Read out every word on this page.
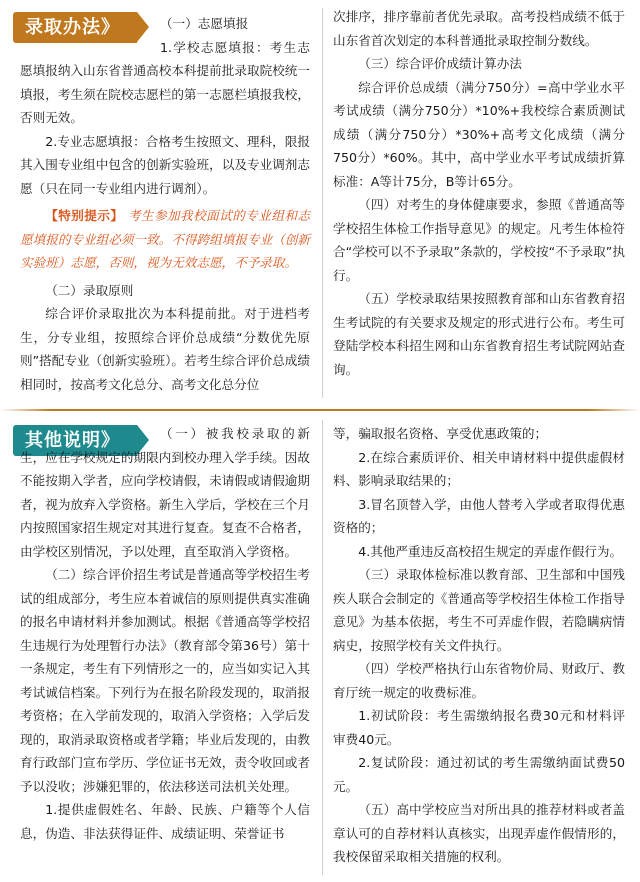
录取办法》	（一）志愿填报

1.学校志愿填报：考生志愿填报纳入山东省普通高校本科提前批录取院校统一填报，考生须在院校志愿栏的第一志愿栏填报我校，否则无效。

2.专业志愿填报：合格考生按照文、理科，限报其入围专业组中包含的创新实验班，以及专业调剂志愿（只在同一专业组内进行调剂）。

【特别提示】 考生参加我校面试的专业组和志愿填报的专业组必须一致。不得跨组填报专业（创新实验班）志愿，否则，视为无效志愿，不予录取。

（二）录取原则

综合评价录取批次为本科提前批。对于进档考生，分专业组，按照综合评价总成绩“分数优先原则”搭配专业（创新实验班）。若考生综合评价总成绩相同时，按高考文化总分、高考文化总分位

次排序，排序靠前者优先录取。高考投档成绩不低于山东省首次划定的本科普通批录取控制分数线。

（三）综合评价成绩计算办法

综合评价总成绩（满分750分）=高中学业水平考试成绩（满分750分）*10%+我校综合素质测试成绩（满分750分）*30%+高考文化成绩（满分750分）*60%。其中，高中学业水平考试成绩折算标准：A等计75分，B等计65分。

（四）对考生的身体健康要求，参照《普通高等学校招生体检工作指导意见》的规定。凡考生体检符合“学校可以不予录取”条款的，学校按“不予录取”执行。

（五）学校录取结果按照教育部和山东省教育招生考试院的有关要求及规定的形式进行公布。考生可登陆学校本科招生网和山东省教育招生考试院网站查询。

其他说明》	（一）被我校录取的新生，应在学校规定的期限内到校办理入学手续。因故不能按期入学者，应向学校请假，未请假或请假逾期者，视为放弃入学资格。新生入学后，学校在三个月内按照国家招生规定对其进行复查。复查不合格者，由学校区别情况，予以处理，直至取消入学资格。

（二）综合评价招生考试是普通高等学校招生考试的组成部分，考生应本着诚信的原则提供真实准确的报名申请材料并参加测试。根据《普通高等学校招生违规行为处理暂行办法》（教育部令第36号）第十一条规定，考生有下列情形之一的，应当如实记入其考试诚信档案。下列行为在报名阶段发现的，取消报考资格；在入学前发现的，取消入学资格；入学后发现的，取消录取资格或者学籍；毕业后发现的，由教育行政部门宣布学历、学位证书无效，责令收回或者予以没收；涉嫌犯罪的，依法移送司法机关处理。

1.提供虚假姓名、年龄、民族、户籍等个人信息，伪造、非法获得证件、成绩证明、荣誉证书

等，骗取报名资格、享受优惠政策的；

2.在综合素质评价、相关申请材料中提供虚假材料、影响录取结果的；

3.冒名顶替入学，由他人替考入学或者取得优惠资格的；

4.其他严重违反高校招生规定的弄虚作假行为。

（三）录取体检标准以教育部、卫生部和中国残疾人联合会制定的《普通高等学校招生体检工作指导意见》为基本依据，考生不可弄虚作假，若隐瞒病情病史，按照学校有关文件执行。

（四）学校严格执行山东省物价局、财政厅、教育厅统一规定的收费标准。

1.初试阶段：考生需缴纳报名费30元和材料评审费40元。

2.复试阶段：通过初试的考生需缴纳面试费50元。

（五）高中学校应当对所出具的推荐材料或者盖章认可的自荐材料认真核实，出现弄虚作假情形的，我校保留采取相关措施的权利。
